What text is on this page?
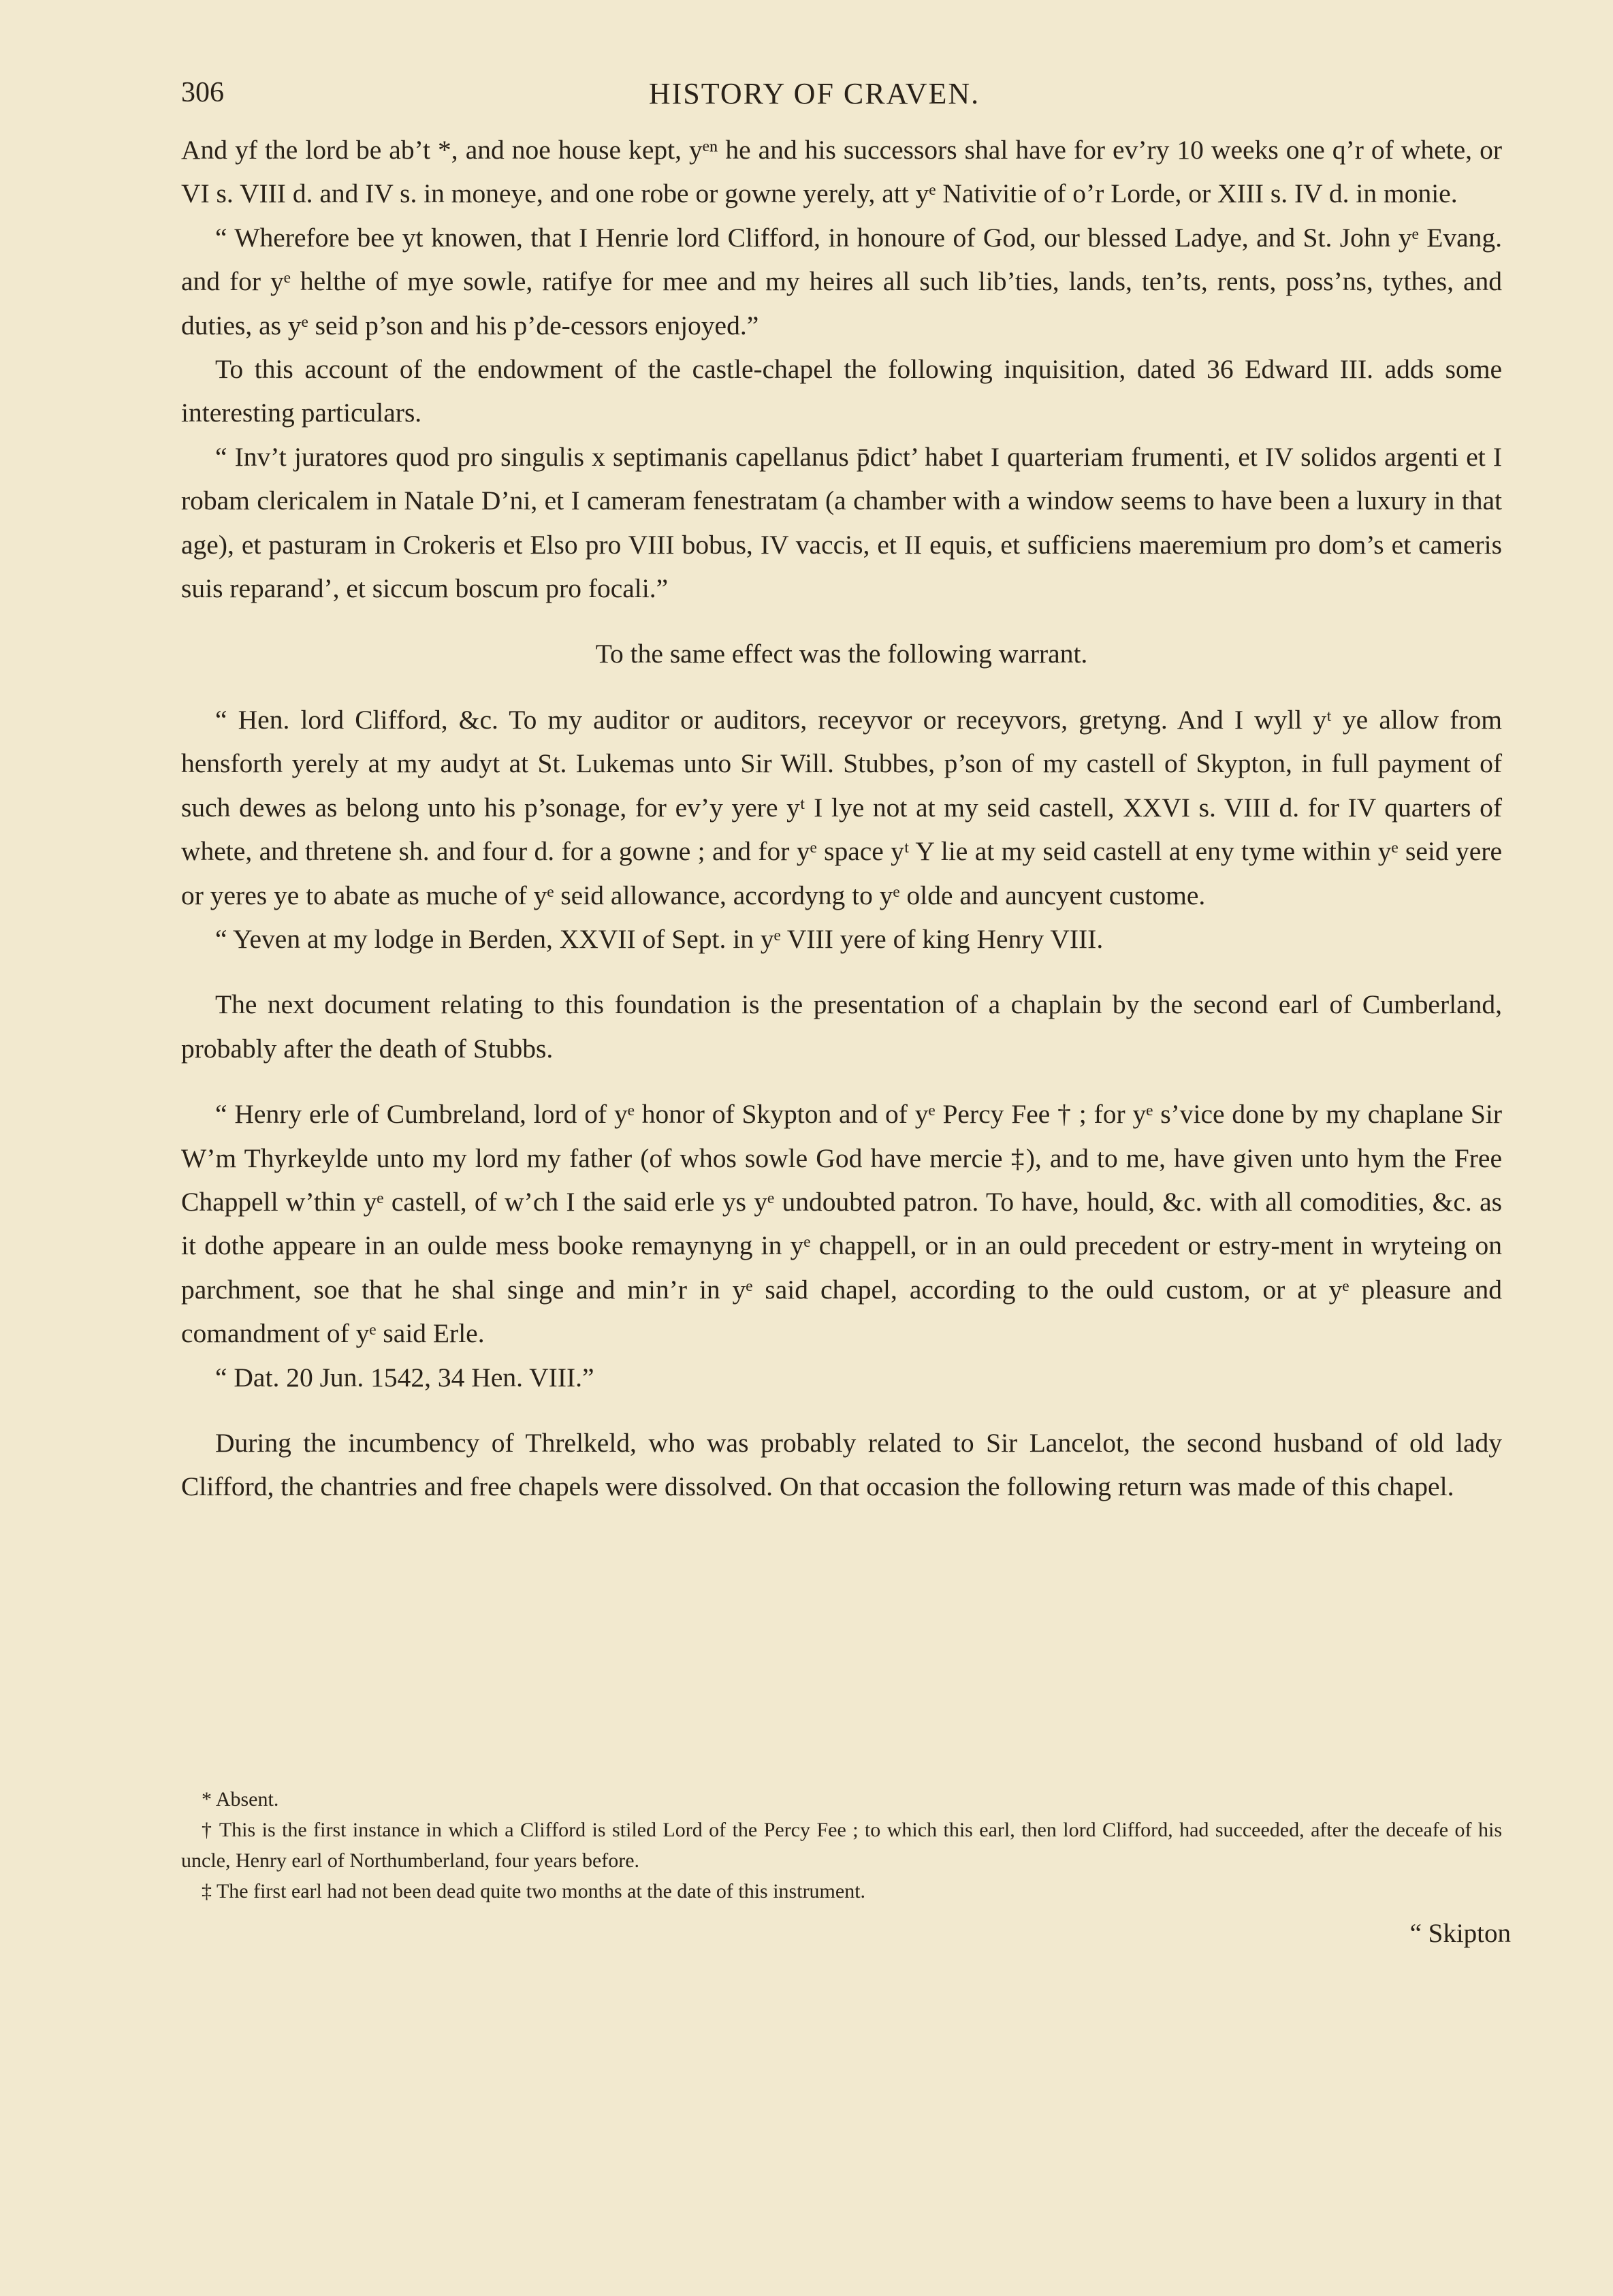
306	HISTORY OF CRAVEN.

And yf the lord be ab’t *, and noe house kept, yᵉⁿ he and his successors shal have for ev’ry 10 weeks one q’r of whete, or VI s. VIII d. and IV s. in moneye, and one robe or gowne yerely, att yᵉ Nativitie of o’r Lorde, or XIII s. IV d. in monie.

“ Wherefore bee yt knowen, that I Henrie lord Clifford, in honoure of God, our blessed Ladye, and St. John yᵉ Evang. and for yᵉ helthe of mye sowle, ratifye for mee and my heires all such lib’ties, lands, ten’ts, rents, poss’ns, tythes, and duties, as yᵉ seid p’son and his p’de-cessors enjoyed.”

To this account of the endowment of the castle-chapel the following inquisition, dated 36 Edward III. adds some interesting particulars.

“ Inv’t juratores quod pro singulis x septimanis capellanus p̄dict’ habet I quarteriam frumenti, et IV solidos argenti et I robam clericalem in Natale D’ni, et I cameram fenestratam (a chamber with a window seems to have been a luxury in that age), et pasturam in Crokeris et Elso pro VIII bobus, IV vaccis, et II equis, et sufficiens maeremium pro dom’s et cameris suis reparand’, et siccum boscum pro focali.”

To the same effect was the following warrant.

“ Hen. lord Clifford, &c. To my auditor or auditors, receyvor or receyvors, gretyng. And I wyll yᵗ ye allow from hensforth yerely at my audyt at St. Lukemas unto Sir Will. Stubbes, p’son of my castell of Skypton, in full payment of such dewes as belong unto his p’sonage, for ev’y yere yᵗ I lye not at my seid castell, XXVI s. VIII d. for IV quarters of whete, and thretene sh. and four d. for a gowne ; and for yᵉ space yᵗ Y lie at my seid castell at eny tyme within yᵉ seid yere or yeres ye to abate as muche of yᵉ seid allowance, accordyng to yᵉ olde and auncyent custome.

“ Yeven at my lodge in Berden, XXVII of Sept. in yᵉ VIII yere of king Henry VIII.

The next document relating to this foundation is the presentation of a chaplain by the second earl of Cumberland, probably after the death of Stubbs.

“ Henry erle of Cumbreland, lord of yᵉ honor of Skypton and of yᵉ Percy Fee † ; for yᵉ s’vice done by my chaplane Sir W’m Thyrkeylde unto my lord my father (of whos sowle God have mercie ‡), and to me, have given unto hym the Free Chappell w’thin yᵉ castell, of w’ch I the said erle ys yᵉ undoubted patron. To have, hould, &c. with all comodities, &c. as it dothe appeare in an oulde mess booke remaynyng in yᵉ chappell, or in an ould precedent or estry-ment in wryteing on parchment, soe that he shal singe and min’r in yᵉ said chapel, according to the ould custom, or at yᵉ pleasure and comandment of yᵉ said Erle.

“ Dat. 20 Jun. 1542, 34 Hen. VIII.”

During the incumbency of Threlkeld, who was probably related to Sir Lancelot, the second husband of old lady Clifford, the chantries and free chapels were dissolved. On that occasion the following return was made of this chapel.

* Absent.

† This is the first instance in which a Clifford is stiled Lord of the Percy Fee ; to which this earl, then lord Clifford, had succeeded, after the deceafe of his uncle, Henry earl of Northumberland, four years before.

‡ The first earl had not been dead quite two months at the date of this instrument.

“ Skipton
